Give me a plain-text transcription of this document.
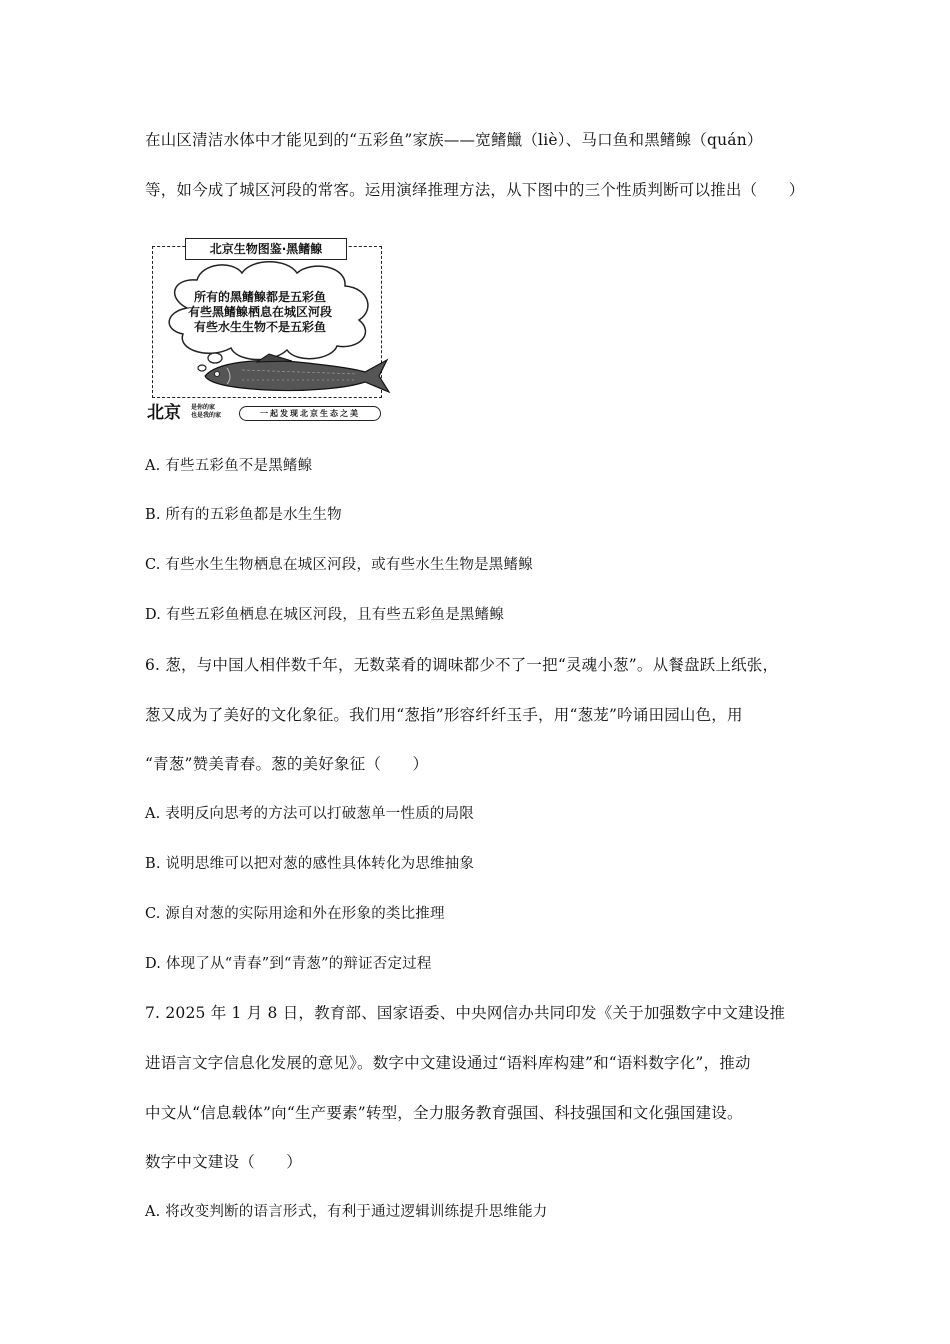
在山区清洁水体中才能见到的“五彩鱼”家族——宽鳍鱲（liè）、马口鱼和黑鳍鳈（quán）
等，如今成了城区河段的常客。运用演绎推理方法，从下图中的三个性质判断可以推出（　　）
北京生物图鉴·黑鳍鳈
所有的黑鳍鳈都是五彩鱼
有些黑鳍鳈栖息在城区河段
有些水生生物不是五彩鱼
北京 是你的家
也是我的家	一起发现北京生态之美
A. 有些五彩鱼不是黑鳍鳈
B. 所有的五彩鱼都是水生生物
C. 有些水生生物栖息在城区河段，或有些水生生物是黑鳍鳈
D. 有些五彩鱼栖息在城区河段，且有些五彩鱼是黑鳍鳈
6. 葱，与中国人相伴数千年，无数菜肴的调味都少不了一把“灵魂小葱”。从餐盘跃上纸张，
葱又成为了美好的文化象征。我们用“葱指”形容纤纤玉手，用“葱茏”吟诵田园山色，用
“青葱”赞美青春。葱的美好象征（　　）
A. 表明反向思考的方法可以打破葱单一性质的局限
B. 说明思维可以把对葱的感性具体转化为思维抽象
C. 源自对葱的实际用途和外在形象的类比推理
D. 体现了从“青春”到“青葱”的辩证否定过程
7. 2025 年 1 月 8 日，教育部、国家语委、中央网信办共同印发《关于加强数字中文建设推
进语言文字信息化发展的意见》。数字中文建设通过“语料库构建”和“语料数字化”，推动
中文从“信息载体”向“生产要素”转型，全力服务教育强国、科技强国和文化强国建设。
数字中文建设（　　）
A. 将改变判断的语言形式，有利于通过逻辑训练提升思维能力
